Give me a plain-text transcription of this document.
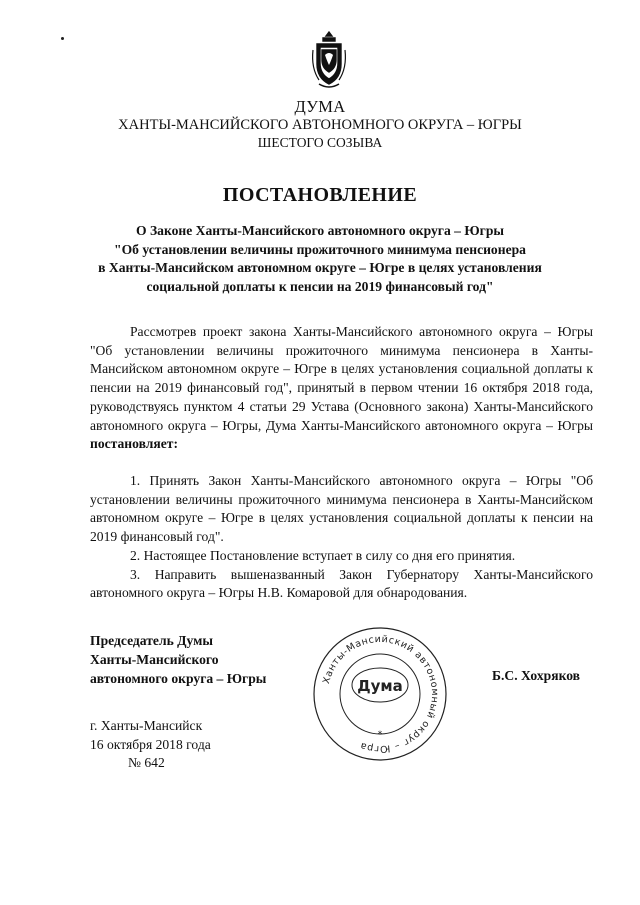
ДУМА
ХАНТЫ-МАНСИЙСКОГО АВТОНОМНОГО ОКРУГА – ЮГРЫ
ШЕСТОГО СОЗЫВА
ПОСТАНОВЛЕНИЕ
О Законе Ханты-Мансийского автономного округа – Югры
"Об установлении величины прожиточного минимума пенсионера
в Ханты-Мансийском автономном округе – Югре в целях установления
социальной доплаты к пенсии на 2019 финансовый год"

Рассмотрев проект закона Ханты-Мансийского автономного округа – Югры "Об установлении величины прожиточного минимума пенсионера в Ханты-Мансийском автономном округе – Югре в целях установления социальной доплаты к пенсии на 2019 финансовый год", принятый в первом чтении 16 октября 2018 года, руководствуясь пунктом 4 статьи 29 Устава (Основного закона) Ханты-Мансийского автономного округа – Югры, Дума Ханты-Мансийского автономного округа – Югры постановляет:

1. Принять Закон Ханты-Мансийского автономного округа – Югры "Об установлении величины прожиточного минимума пенсионера в Ханты-Мансийском автономном округе – Югре в целях установления социальной доплаты к пенсии на 2019 финансовый год".

2. Настоящее Постановление вступает в силу со дня его принятия.

3. Направить вышеназванный Закон Губернатору Ханты-Мансийского автономного округа – Югры Н.В. Комаровой для обнародования.

Председатель Думы
Ханты-Мансийского
автономного округа – Югры	Ханты-Мансийский автономный округ – Югра
Дума
*
Б.С. Хохряков
г. Ханты-Мансийск
16 октября 2018 года
№ 642
